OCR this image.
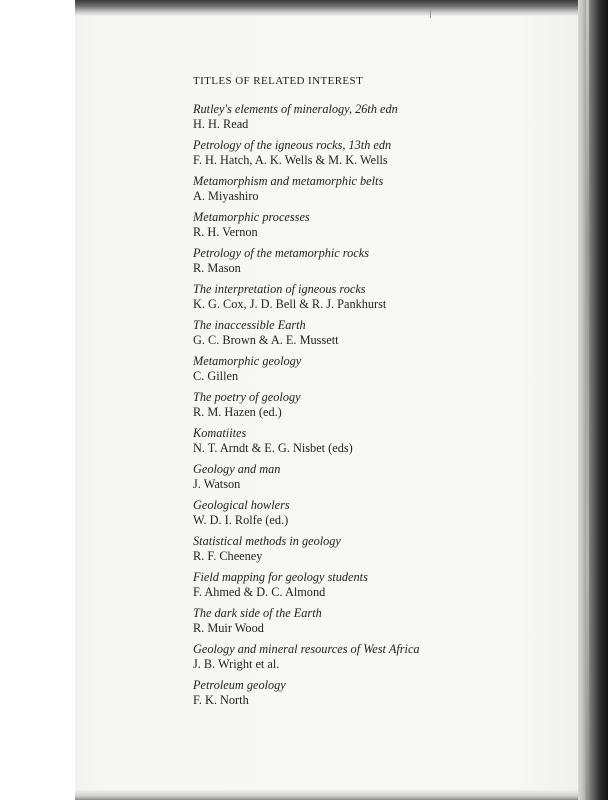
TITLES OF RELATED INTEREST
Rutley's elements of mineralogy, 26th edn
H. H. Read
Petrology of the igneous rocks, 13th edn
F. H. Hatch, A. K. Wells & M. K. Wells
Metamorphism and metamorphic belts
A. Miyashiro
Metamorphic processes
R. H. Vernon
Petrology of the metamorphic rocks
R. Mason
The interpretation of igneous rocks
K. G. Cox, J. D. Bell & R. J. Pankhurst
The inaccessible Earth
G. C. Brown & A. E. Mussett
Metamorphic geology
C. Gillen
The poetry of geology
R. M. Hazen (ed.)
Komatiites
N. T. Arndt & E. G. Nisbet (eds)
Geology and man
J. Watson
Geological howlers
W. D. I. Rolfe (ed.)
Statistical methods in geology
R. F. Cheeney
Field mapping for geology students
F. Ahmed & D. C. Almond
The dark side of the Earth
R. Muir Wood
Geology and mineral resources of West Africa
J. B. Wright et al.
Petroleum geology
F. K. North
